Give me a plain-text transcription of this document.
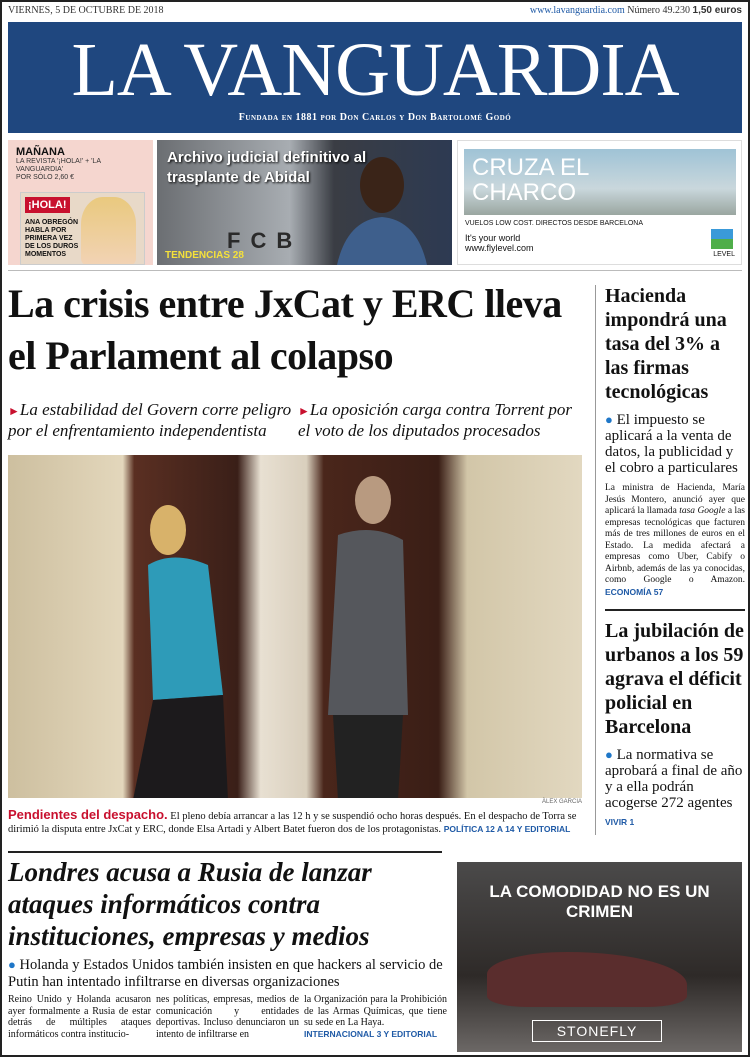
VIERNES, 5 DE OCTUBRE DE 2018	www.lavanguardia.com Número 49.230 1,50 euros
LA VANGUARDIA
Fundada en 1881 por Don Carlos y Don Bartolomé Godó
MAÑANA
LA REVISTA '¡HOLA!' + 'LA VANGUARDIA'
POR SÓLO 2,60 €
¡HOLA!
ANA OBREGÓN HABLA POR PRIMERA VEZ DE LOS DUROS MOMENTOS
FCB
Archivo judicial definitivo al trasplante de Abidal
TENDENCIAS 28
CRUZA EL CHARCO
VUELOS LOW COST. DIRECTOS DESDE BARCELONA
It's your world
www.flylevel.com
LEVEL
La crisis entre JxCat y ERC lleva el Parlament al colapso
►La estabilidad del Govern corre peligro por el enfrentamiento independentista
►La oposición carga contra Torrent por el voto de los diputados procesados
ÀLEX GARCIA
Pendientes del despacho. El pleno debía arrancar a las 12 h y se suspendió ocho horas después. En el despacho de Torra se dirimió la disputa entre JxCat y ERC, donde Elsa Artadi y Albert Batet fueron dos de los protagonistas. POLÍTICA 12 A 14 Y EDITORIAL
Hacienda impondrá una tasa del 3% a las firmas tecnológicas
● El impuesto se aplicará a la venta de datos, la publicidad y el cobro a particulares
La ministra de Hacienda, María Jesús Montero, anunció ayer que aplicará la llamada tasa Google a las empresas tecnológicas que facturen más de tres millones de euros en el Estado. La medida afectará a empresas como Uber, Cabify o Airbnb, además de las ya conocidas, como Google o Amazon. ECONOMÍA 57
La jubilación de urbanos a los 59 agrava el déficit policial en Barcelona
● La normativa se aprobará a final de año y a ella podrán acogerse 272 agentes
VIVIR 1
Londres acusa a Rusia de lanzar ataques informáticos contra instituciones, empresas y medios
● Holanda y Estados Unidos también insisten en que hackers al servicio de Putin han intentado infiltrarse en diversas organizaciones
Reino Unido y Holanda acusaron ayer formalmente a Rusia de estar detrás de múltiples ataques informáticos contra institucio-
nes políticas, empresas, medios de comunicación y entidades deportivas. Incluso denunciaron un intento de infiltrarse en
la Organización para la Prohibición de las Armas Químicas, que tiene su sede en La Haya.
INTERNACIONAL 3 Y EDITORIAL
LA COMODIDAD NO ES UN CRIMEN
STONEFLY
